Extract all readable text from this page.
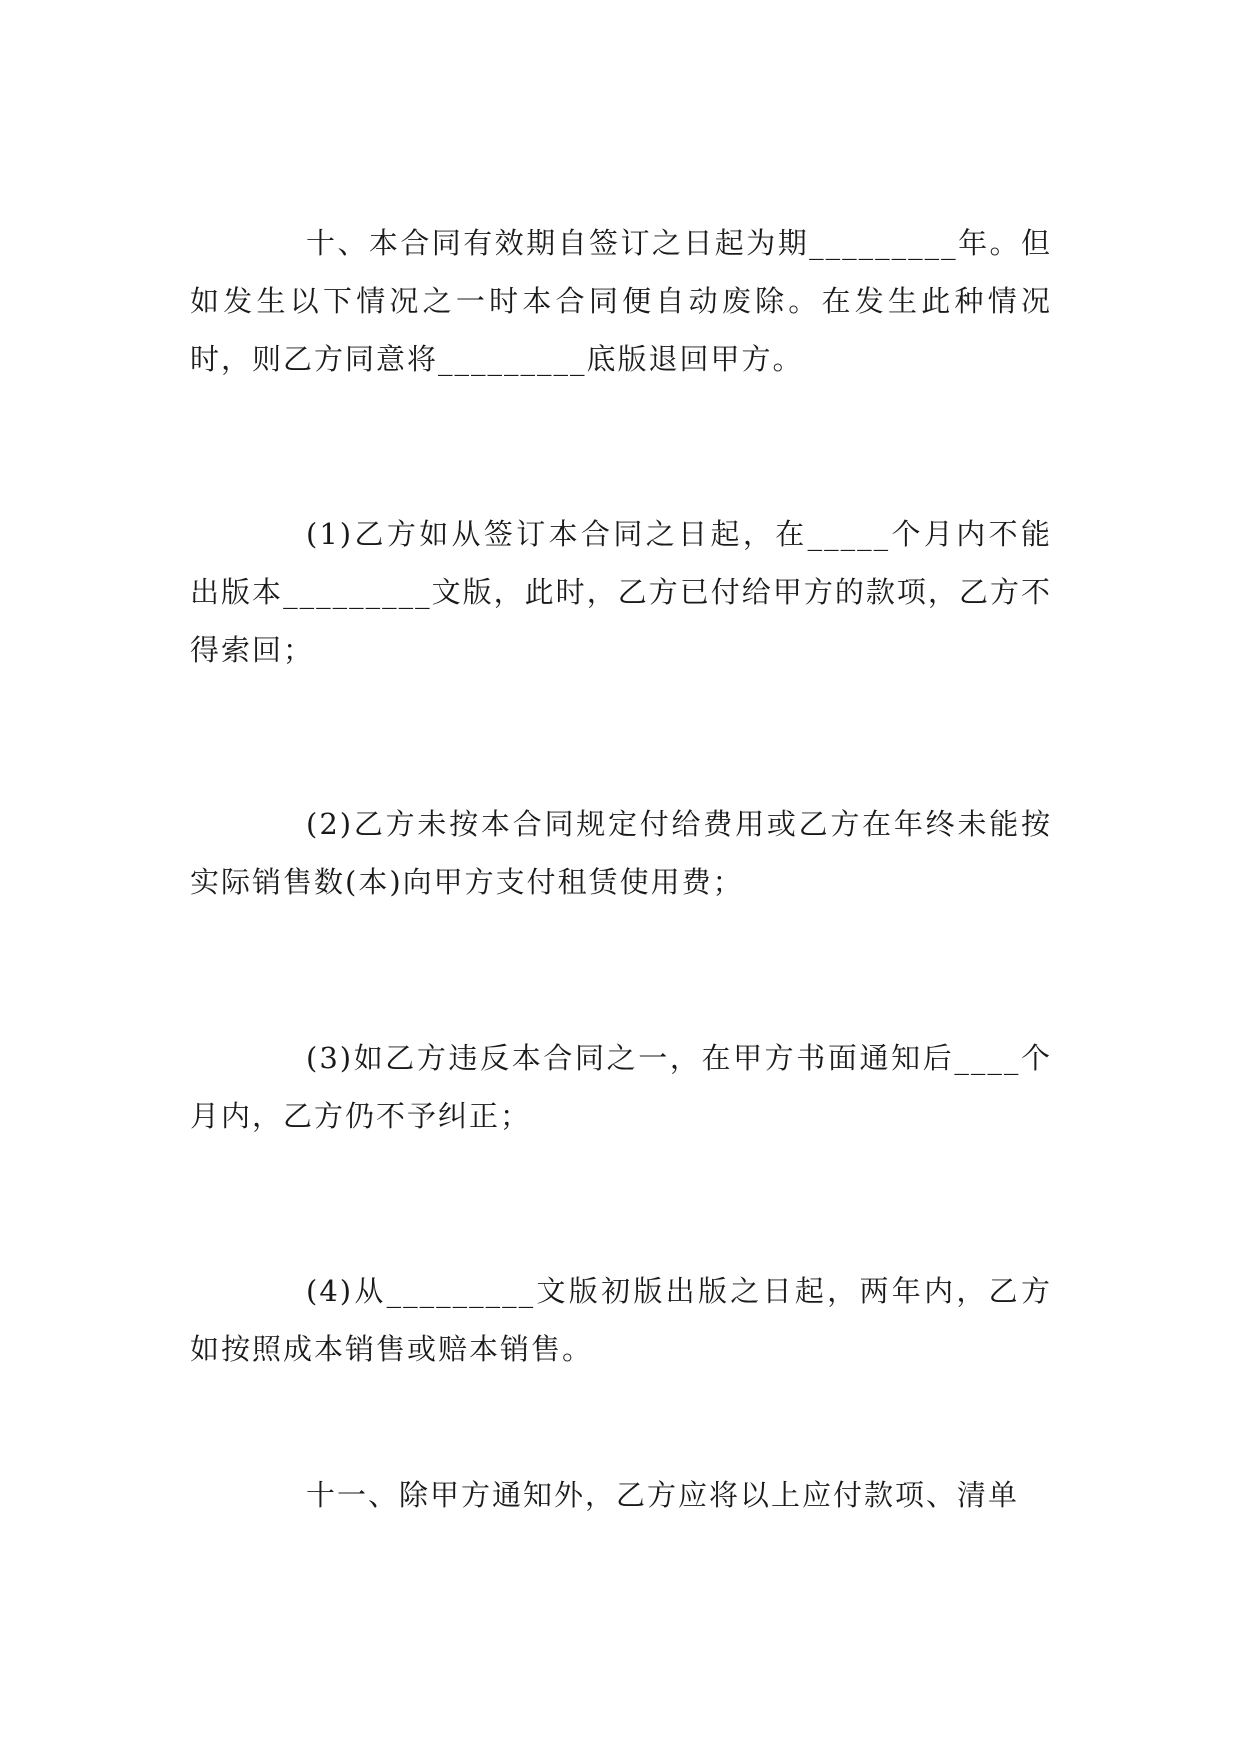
十、本合同有效期自签订之日起为期_________年。但如发生以下情况之一时本合同便自动废除。在发生此种情况时，则乙方同意将_________底版退回甲方。

(1)乙方如从签订本合同之日起，在_____个月内不能出版本_________文版，此时，乙方已付给甲方的款项，乙方不得索回；

(2)乙方未按本合同规定付给费用或乙方在年终未能按实际销售数(本)向甲方支付租赁使用费；

(3)如乙方违反本合同之一，在甲方书面通知后____个月内，乙方仍不予纠正；

(4)从_________文版初版出版之日起，两年内，乙方如按照成本销售或赔本销售。

十一、除甲方通知外，乙方应将以上应付款项、清单
